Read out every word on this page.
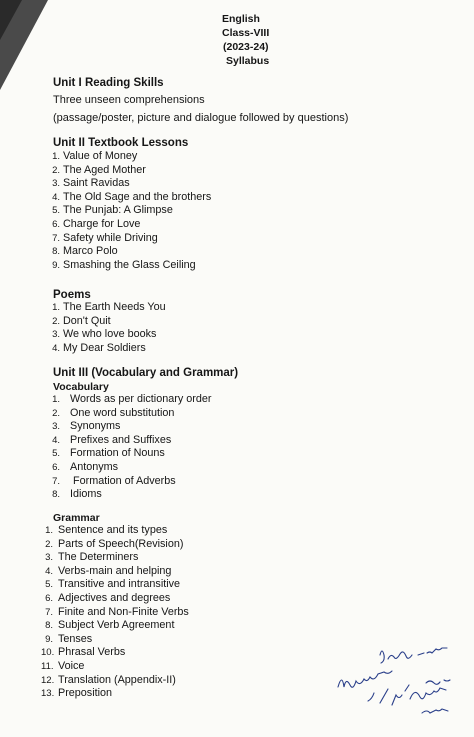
English
Class-VIII
(2023-24)
Syllabus
Unit I Reading Skills
Three unseen comprehensions
(passage/poster, picture and dialogue followed by questions)
Unit II Textbook Lessons
1. Value of Money
2. The Aged Mother
3. Saint Ravidas
4. The Old Sage and the brothers
5. The Punjab: A Glimpse
6. Charge for Love
7. Safety while Driving
8. Marco Polo
9. Smashing the Glass Ceiling
Poems
1. The Earth Needs You
2. Don't Quit
3. We who love books
4. My Dear Soldiers
Unit III (Vocabulary and Grammar)
Vocabulary
1. Words as per dictionary order
2. One word substitution
3. Synonyms
4. Prefixes and Suffixes
5. Formation of Nouns
6. Antonyms
7. Formation of Adverbs
8. Idioms
Grammar
1. Sentence and its types
2. Parts of Speech(Revision)
3. The Determiners
4. Verbs-main and helping
5. Transitive and intransitive
6. Adjectives and degrees
7. Finite and Non-Finite Verbs
8. Subject Verb Agreement
9. Tenses
10. Phrasal Verbs
11. Voice
12. Translation (Appendix-II)
13. Preposition
